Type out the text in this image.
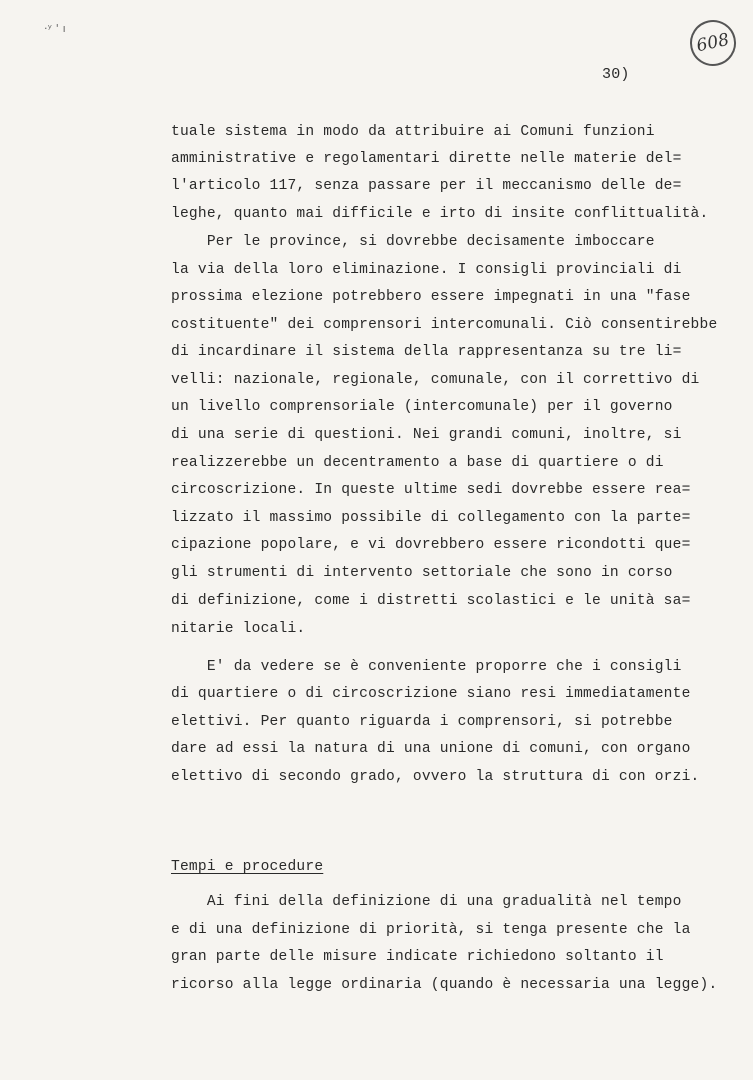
·ʸ ' ı
608
30)
tuale sistema in modo da attribuire ai Comuni funzioni
amministrative e regolamentari dirette nelle materie del=
l'articolo 117, senza passare per il meccanismo delle de=
leghe, quanto mai difficile e irto di insite conflittualità.
Per le province, si dovrebbe decisamente imboccare
la via della loro eliminazione. I consigli provinciali di
prossima elezione potrebbero essere impegnati in una "fase
costituente" dei comprensori intercomunali. Ciò consentirebbe
di incardinare il sistema della rappresentanza su tre li=
velli: nazionale, regionale, comunale, con il correttivo di
un livello comprensoriale (intercomunale) per il governo
di una serie di questioni. Nei grandi comuni, inoltre, si
realizzerebbe un decentramento a base di quartiere o di
circoscrizione. In queste ultime sedi dovrebbe essere rea=
lizzato il massimo possibile di collegamento con la parte=
cipazione popolare, e vi dovrebbero essere ricondotti que=
gli strumenti di intervento settoriale che sono in corso
di definizione, come i distretti scolastici e le unità sa=
nitarie locali.
E' da vedere se è conveniente proporre che i consigli
di quartiere o di circoscrizione siano resi immediatamente
elettivi. Per quanto riguarda i comprensori, si potrebbe
dare ad essi la natura di una unione di comuni, con organo
elettivo di secondo grado, ovvero la struttura di con orzi.
Tempi e procedure
Ai fini della definizione di una gradualità nel tempo
e di una definizione di priorità, si tenga presente che la
gran parte delle misure indicate richiedono soltanto il
ricorso alla legge ordinaria (quando è necessaria una legge).
